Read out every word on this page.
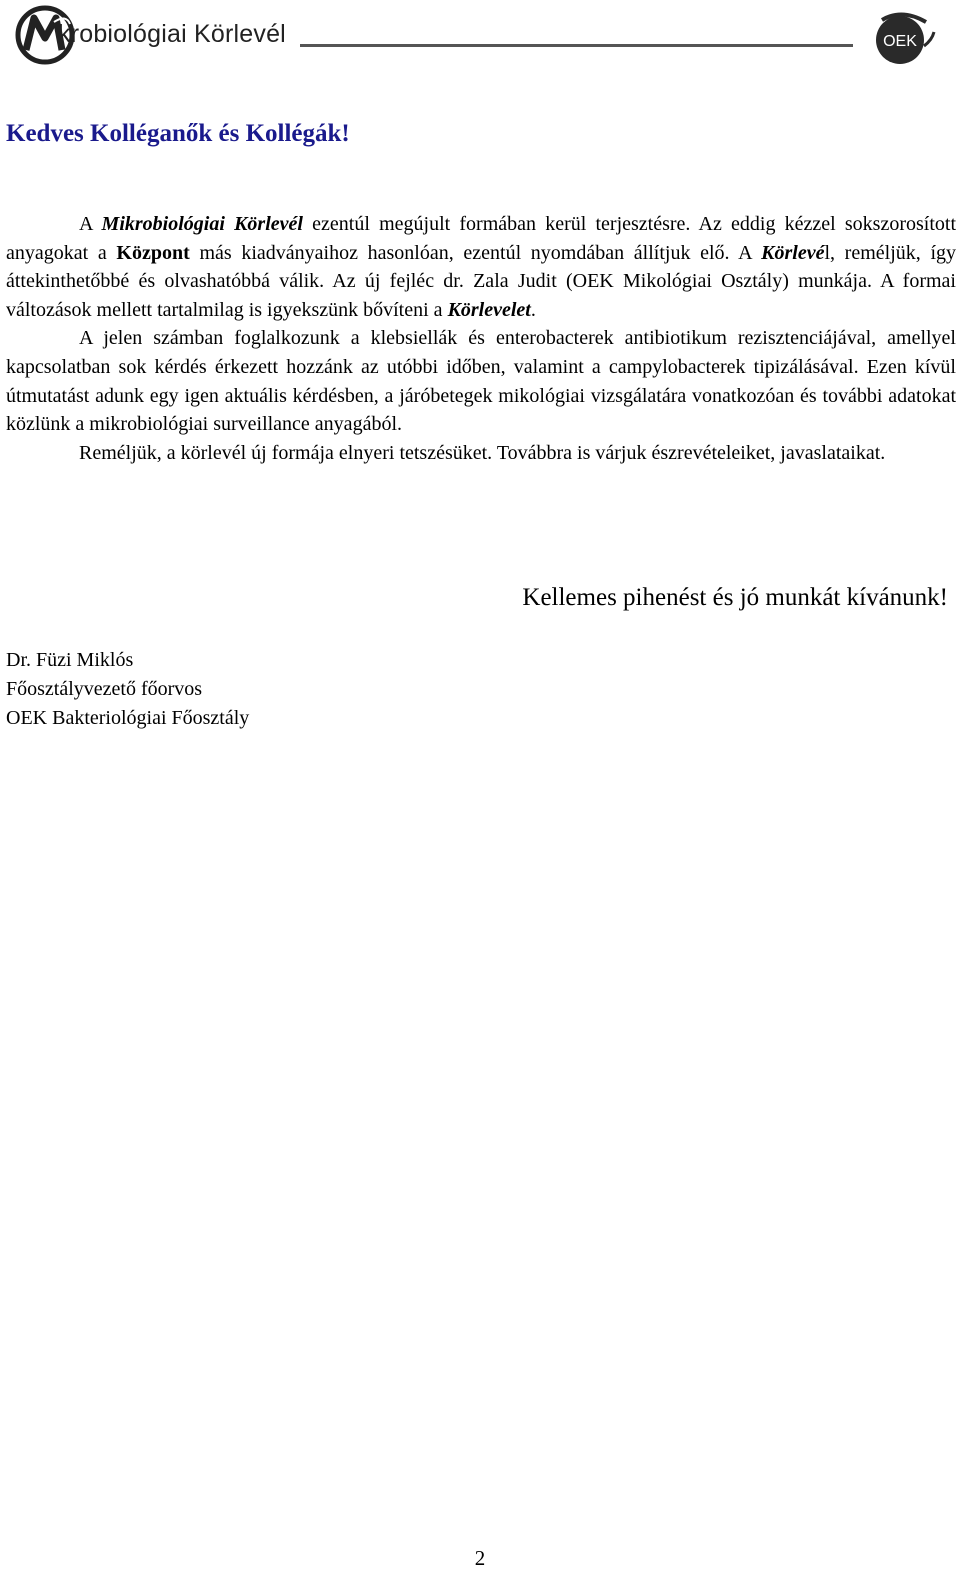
krobiológiai Körlevél	OEK
Kedves Kolléganők és Kollégák!

A Mikrobiológiai Körlevél ezentúl megújult formában kerül terjesztésre. Az eddig kézzel sokszorosított anyagokat a Központ más kiadványaihoz hasonlóan, ezentúl nyomdában állítjuk elő. A Körlevél, reméljük, így áttekinthetőbbé és olvashatóbbá válik. Az új fejléc dr. Zala Judit (OEK Mikológiai Osztály) munkája. A formai változások mellett tartalmilag is igyekszünk bővíteni a Körlevelet.

A jelen számban foglalkozunk a klebsiellák és enterobacterek antibiotikum rezisztenciájával, amellyel kapcsolatban sok kérdés érkezett hozzánk az utóbbi időben, valamint a campylobacterek tipizálásával. Ezen kívül útmutatást adunk egy igen aktuális kérdésben, a járóbetegek mikológiai vizsgálatára vonatkozóan és további adatokat közlünk a mikrobiológiai surveillance anyagából.

Reméljük, a körlevél új formája elnyeri tetszésüket. Továbbra is várjuk észrevételeiket, javaslataikat.

Kellemes pihenést és jó munkát kívánunk!
Dr. Füzi Miklós
Főosztályvezető főorvos
OEK Bakteriológiai Főosztály
2
